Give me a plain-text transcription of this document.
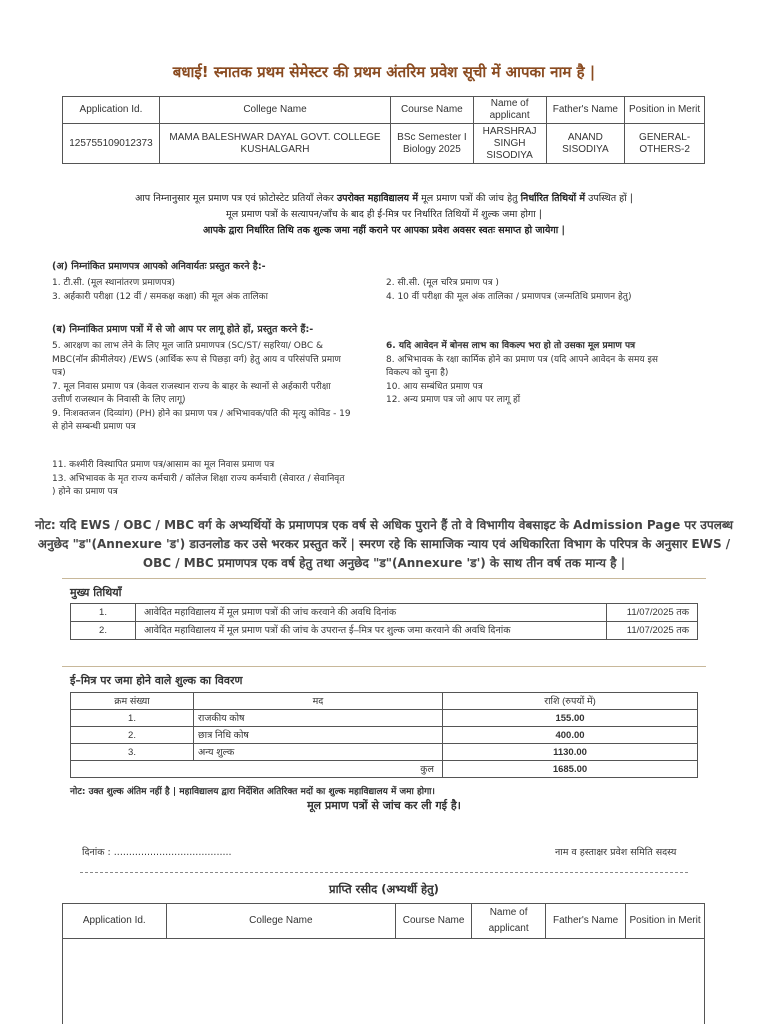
बधाई! स्नातक प्रथम सेमेस्टर की प्रथम अंतरिम प्रवेश सूची में आपका नाम है |
Application Id.	College Name	Course Name	Name of applicant	Father's Name	Position in Merit
125755109012373	MAMA BALESHWAR DAYAL GOVT. COLLEGE KUSHALGARH	BSc Semester I Biology 2025	HARSHRAJ SINGH SISODIYA	ANAND SISODIYA	GENERAL-OTHERS-2
आप निम्नानुसार मूल प्रमाण पत्र एवं फ़ोटोस्टेट प्रतियाँ लेकर उपरोक्त महाविद्यालय में मूल प्रमाण पत्रों की जांच हेतु निर्धारित तिथियों में उपस्थित हों |
मूल प्रमाण पत्रों के सत्यापन/जाँच के बाद ही ई-मित्र पर निर्धारित तिथियों में शुल्क जमा होगा |
आपके द्वारा निर्धारित तिथि तक शुल्क जमा नहीं कराने पर आपका प्रवेश अवसर स्वतः समाप्त हो जायेगा |
(अ) निम्नांकित प्रमाणपत्र आपको अनिवार्यतः प्रस्तुत करने है:-
1. टी.सी. (मूल स्थानांतरण प्रमाणपत्र)
3. अर्हकारी परीक्षा (12 वीं / समकक्ष कक्षा) की मूल अंक तालिका
2. सी.सी. (मूल चरित्र प्रमाण पत्र )
4. 10 वीं परीक्षा की मूल अंक तालिका / प्रमाणपत्र (जन्मतिथि प्रमाणन हेतु)
(ब) निम्नांकित प्रमाण पत्रों में से जो आप पर लागू होते हों, प्रस्तुत करने हैं:-
5. आरक्षण का लाभ लेने के लिए मूल जाति प्रमाणपत्र (SC/ST/ सहरिया/ OBC &
MBC(नॉन क्रीमीलेयर) /EWS (आर्थिक रूप से पिछड़ा वर्ग) हेतु आय व परिसंपत्ति प्रमाण
पत्र)
7. मूल निवास प्रमाण पत्र (केवल राजस्थान राज्य के बाहर के स्थानों से अर्हकारी परीक्षा
उत्तीर्ण राजस्थान के निवासी के लिए लागू)
9. निःशक्तजन (दिव्यांग) (PH) होने का प्रमाण पत्र / अभिभावक/पति की मृत्यु कोविड - 19
से होने सम्बन्धी प्रमाण पत्र
11. कश्मीरी विस्थापित प्रमाण पत्र/आसाम का मूल निवास प्रमाण पत्र
13. अभिभावक के मृत राज्य कर्मचारी / कॉलेज शिक्षा राज्य कर्मचारी (सेवारत / सेवानिवृत
) होने का प्रमाण पत्र
6. यदि आवेदन में बोनस लाभ का विकल्प भरा हो तो उसका मूल प्रमाण पत्र
8. अभिभावक के रक्षा कार्मिक होने का प्रमाण पत्र (यदि आपने आवेदन के समय इस
विकल्प को चुना है)
10. आय सम्बंधित प्रमाण पत्र
12. अन्य प्रमाण पत्र जो आप पर लागू हों
नोट: यदि EWS / OBC / MBC वर्ग के अभ्यर्थियों के प्रमाणपत्र एक वर्ष से अधिक पुराने हैं तो वे विभागीय वेबसाइट के Admission Page पर उपलब्ध अनुछेद "ड"(Annexure 'ड') डाउनलोड कर उसे भरकर प्रस्तुत करें | स्मरण रहे कि सामाजिक न्याय एवं अधिकारिता विभाग के परिपत्र के अनुसार EWS / OBC / MBC प्रमाणपत्र एक वर्ष हेतु तथा अनुछेद "ड"(Annexure 'ड') के साथ तीन वर्ष तक मान्य है |
मुख्य तिथियाँ
1.	आवेदित महाविद्यालय में मूल प्रमाण पत्रों की जांच करवाने की अवधि दिनांक	11/07/2025 तक
2.	आवेदित महाविद्यालय में मूल प्रमाण पत्रों की जांच के उपरान्त ई–मित्र पर शुल्क जमा करवाने की अवधि दिनांक	11/07/2025 तक
ई–मित्र पर जमा होने वाले शुल्क का विवरण
क्रम संख्या	मद	राशि (रुपयों में)
1.	राजकीय कोष	155.00
2.	छात्र निधि कोष	400.00
3.	अन्य शुल्क	1130.00
कुल		1685.00
नोट: उक्त शुल्क अंतिम नहीं है | महाविद्यालय द्वारा निर्देशित अतिरिक्त मदों का शुल्क महाविद्यालय में जमा होगा।
मूल प्रमाण पत्रों से जांच कर ली गई है।
दिनांक : .......................................	नाम व हस्ताक्षर प्रवेश समिति सदस्य
प्राप्ति रसीद (अभ्यर्थी हेतु)
Application Id.	College Name	Course Name	Name of applicant	Father's Name	Position in Merit
